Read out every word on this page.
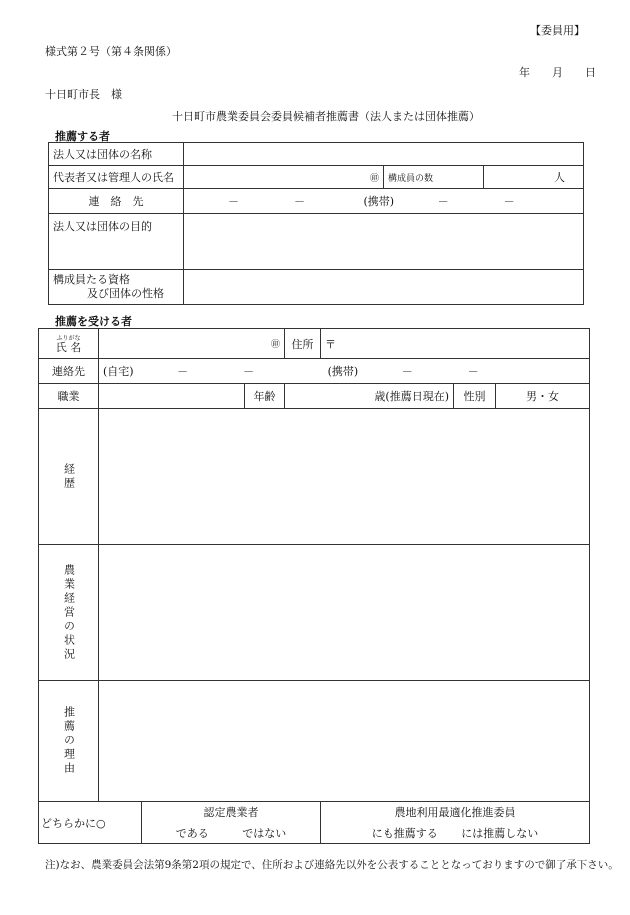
【委員用】
様式第２号（第４条関係）
年　　月　　日
十日町市長　様
十日町市農業委員会委員候補者推薦書（法人または団体推薦）
推薦する者
法人又は団体の名称			
代表者又は管理人の氏名	㊞	構成員の数	人
連　絡　先	－　　　　　－ (携帯) －　　　　　－		
法人又は団体の目的			

構成員たる資格
及び団体の性格			

推薦を受ける者
ふりがな
氏 名	㊞			住所	〒		
連絡先	(自宅) －　　　　　－ (携帯) －　　　　　－						
職業			年齢	歳(推薦日現在)		性別	男・女

経歴							

農業経営の状況							

推薦の理由							

どちらかに○		認定農業者			農地利用最適化推進委員		
		である ではない			にも推薦する には推薦しない		
注)なお、農業委員会法第9条第2項の規定で、住所および連絡先以外を公表することとなっておりますので御了承下さい。
